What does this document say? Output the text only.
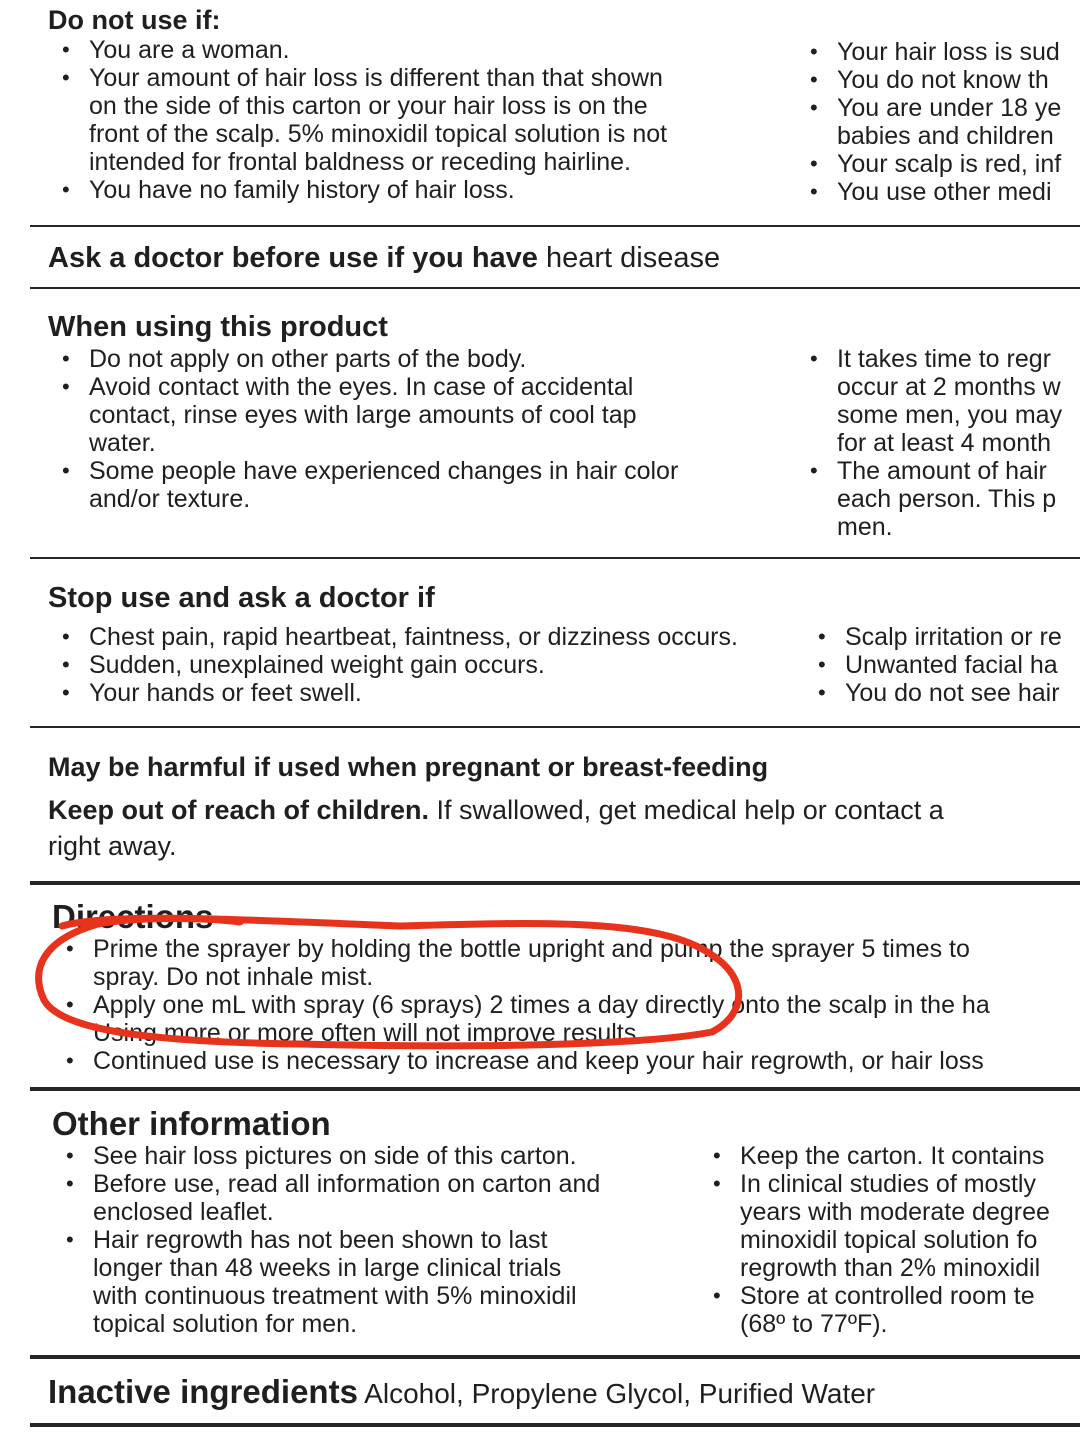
Do not use if:
• You are a woman.
• Your amount of hair loss is different than that shown
on the side of this carton or your hair loss is on the
front of the scalp. 5% minoxidil topical solution is not
intended for frontal baldness or receding hairline.
• You have no family history of hair loss.
• Your hair loss is sud
• You do not know th
• You are under 18 ye
babies and children
• Your scalp is red, inf
• You use other medi
Ask a doctor before use if you have heart disease
When using this product
• Do not apply on other parts of the body.
• Avoid contact with the eyes. In case of accidental
contact, rinse eyes with large amounts of cool tap
water.
• Some people have experienced changes in hair color
and/or texture.
• It takes time to regr
occur at 2 months w
some men, you may
for at least 4 month
• The amount of hair
each person. This p
men.
Stop use and ask a doctor if
• Chest pain, rapid heartbeat, faintness, or dizziness occurs.
• Sudden, unexplained weight gain occurs.
• Your hands or feet swell.
• Scalp irritation or re
• Unwanted facial ha
• You do not see hair
May be harmful if used when pregnant or breast-feeding
Keep out of reach of children. If swallowed, get medical help or contact a
right away.
Directions
• Prime the sprayer by holding the bottle upright and pump the sprayer 5 times to
spray. Do not inhale mist.
• Apply one mL with spray (6 sprays) 2 times a day directly onto the scalp in the ha
Using more or more often will not improve results.
• Continued use is necessary to increase and keep your hair regrowth, or hair loss
Other information
• See hair loss pictures on side of this carton.
• Before use, read all information on carton and
enclosed leaflet.
• Hair regrowth has not been shown to last
longer than 48 weeks in large clinical trials
with continuous treatment with 5% minoxidil
topical solution for men.
• Keep the carton. It contains
• In clinical studies of mostly
years with moderate degree
minoxidil topical solution fo
regrowth than 2% minoxidil
• Store at controlled room te
(68º to 77ºF).
Inactive ingredients Alcohol, Propylene Glycol, Purified Water
